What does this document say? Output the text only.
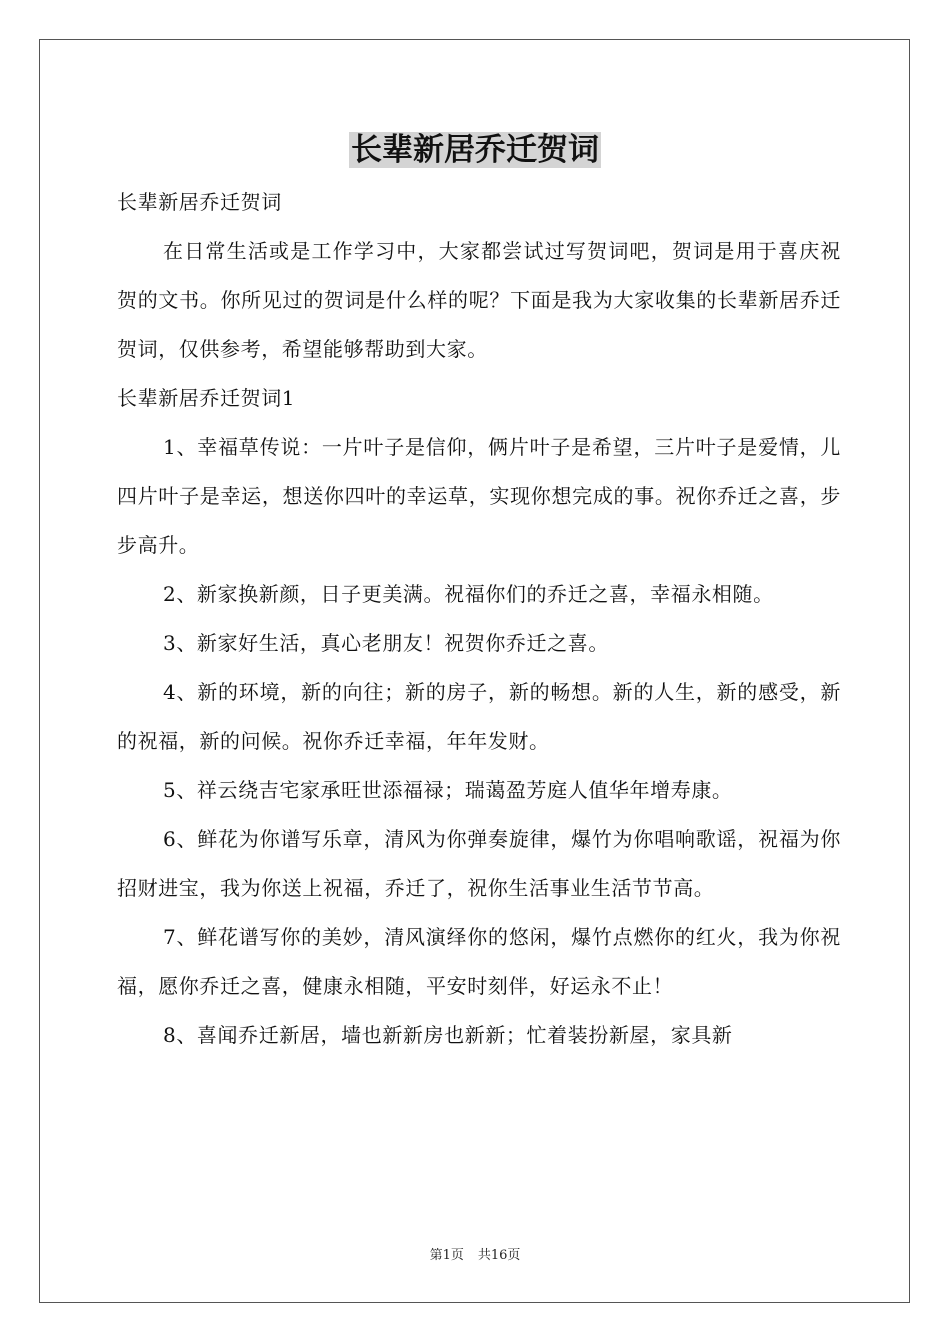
长辈新居乔迁贺词

长辈新居乔迁贺词

在日常生活或是工作学习中，大家都尝试过写贺词吧，贺词是用于喜庆祝贺的文书。你所见过的贺词是什么样的呢？下面是我为大家收集的长辈新居乔迁贺词，仅供参考，希望能够帮助到大家。

长辈新居乔迁贺词1

1、幸福草传说：一片叶子是信仰，俩片叶子是希望，三片叶子是爱情，儿四片叶子是幸运，想送你四叶的幸运草，实现你想完成的事。祝你乔迁之喜，步步高升。

2、新家换新颜，日子更美满。祝福你们的乔迁之喜，幸福永相随。

3、新家好生活，真心老朋友！祝贺你乔迁之喜。

4、新的环境，新的向往；新的房子，新的畅想。新的人生，新的感受，新的祝福，新的问候。祝你乔迁幸福，年年发财。

5、祥云绕吉宅家承旺世添福禄；瑞蔼盈芳庭人值华年增寿康。

6、鲜花为你谱写乐章，清风为你弹奏旋律，爆竹为你唱响歌谣，祝福为你招财进宝，我为你送上祝福，乔迁了，祝你生活事业生活节节高。

7、鲜花谱写你的美妙，清风演绎你的悠闲，爆竹点燃你的红火，我为你祝福，愿你乔迁之喜，健康永相随，平安时刻伴，好运永不止！

8、喜闻乔迁新居，墙也新新房也新新；忙着装扮新屋，家具新

第1页 共16页
